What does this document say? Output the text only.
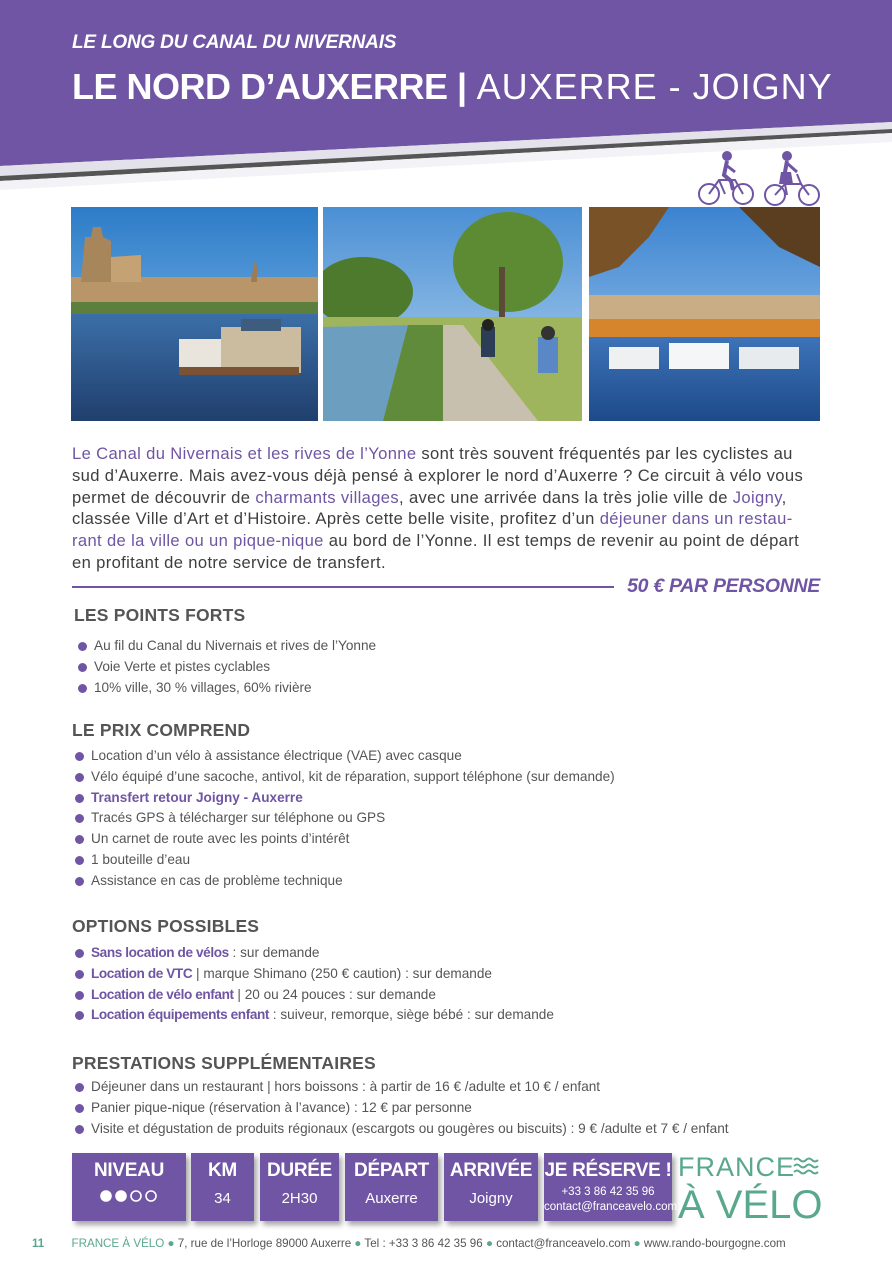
LE LONG DU CANAL DU NIVERNAIS
LE NORD D’AUXERRE | AUXERRE - JOIGNY

Le Canal du Nivernais et les rives de l’Yonne sont très souvent fréquentés par les cyclistes au sud d’Auxerre. Mais avez-vous déjà pensé à explorer le nord d’Auxerre ? Ce circuit à vélo vous permet de découvrir de charmants villages, avec une arrivée dans la très jolie ville de Joigny, classée Ville d’Art et d’Histoire. Après cette belle visite, profitez d’un déjeuner dans un restau-rant de la ville ou un pique-nique au bord de l’Yonne. Il est temps de revenir au point de départ en profitant de notre service de transfert.

50 € PAR PERSONNE
LES POINTS FORTS
Au fil du Canal du Nivernais et rives de l’Yonne
Voie Verte et pistes cyclables
10% ville, 30 % villages, 60% rivière
LE PRIX COMPREND
Location d’un vélo à assistance électrique (VAE) avec casque
Vélo équipé d’une sacoche, antivol, kit de réparation, support téléphone (sur demande)
Transfert retour Joigny - Auxerre
Tracés GPS à télécharger sur téléphone ou GPS
Un carnet de route avec les points d’intérêt
1 bouteille d’eau
Assistance en cas de problème technique
OPTIONS POSSIBLES
Sans location de vélos : sur demande
Location de VTC | marque Shimano (250 € caution) : sur demande
Location de vélo enfant | 20 ou 24 pouces : sur demande
Location équipements enfant : suiveur, remorque, siège bébé : sur demande
PRESTATIONS SUPPLÉMENTAIRES
Déjeuner dans un restaurant | hors boissons : à partir de 16 € /adulte et 10 € / enfant
Panier pique-nique (réservation à l’avance) : 12 € par personne
Visite et dégustation de produits régionaux (escargots ou gougères ou biscuits) : 9 € /adulte et 7 € / enfant
NIVEAU	KM
34
DURÉE
2H30
DÉPART
Auxerre
ARRIVÉE
Joigny
JE RÉSERVE !
+33 3 86 42 35 96
contact@franceavelo.com
FRANCE
À VÉLO
11 FRANCE À VÉLO ● 7, rue de l’Horloge 89000 Auxerre ● Tel : +33 3 86 42 35 96 ● contact@franceavelo.com ● www.rando-bourgogne.com
